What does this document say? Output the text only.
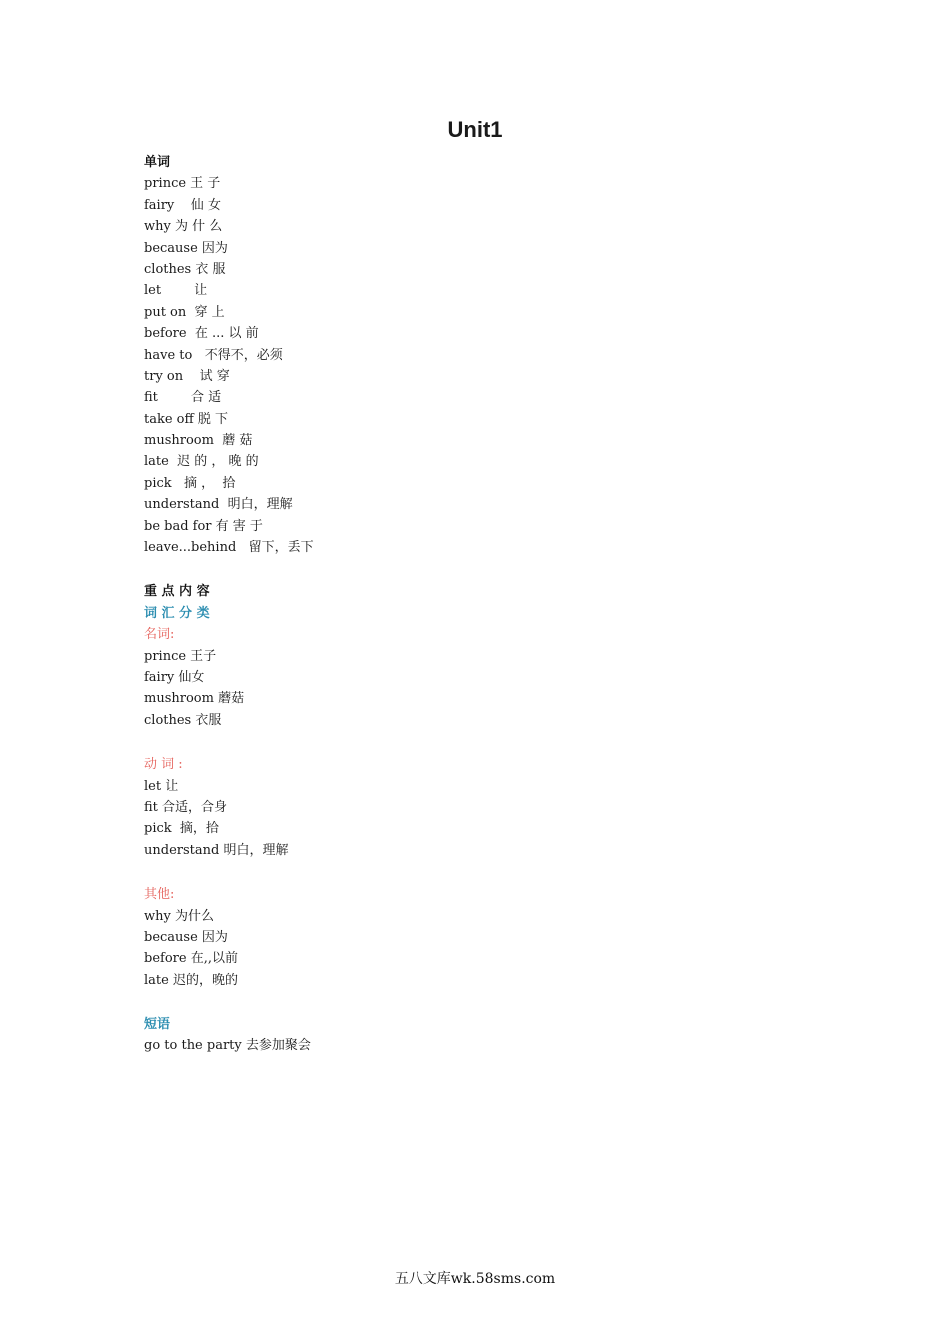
Unit1
单词
prince 王 子
fairy    仙 女
why 为 什 么
because 因为
clothes 衣 服
let        让
put on  穿 上
before  在 ... 以 前
have to   不得不，必须
try on    试 穿
fit        合 适
take off 脱 下
mushroom  蘑 菇
late  迟 的 ， 晚 的
pick   摘 ，  拾
understand  明白，理解
be bad for 有 害 于
leave...behind   留下，丢下
重 点 内 容
词 汇 分 类
名词:
prince 王子
fairy 仙女
mushroom 蘑菇
clothes 衣服
动 词 :
let 让
fit 合适，合身
pick  摘，拾
understand 明白，理解
其他:
why 为什么
because 因为
before 在,,以前
late 迟的，晚的
短语
go to the party 去参加聚会
五八文库wk.58sms.com
